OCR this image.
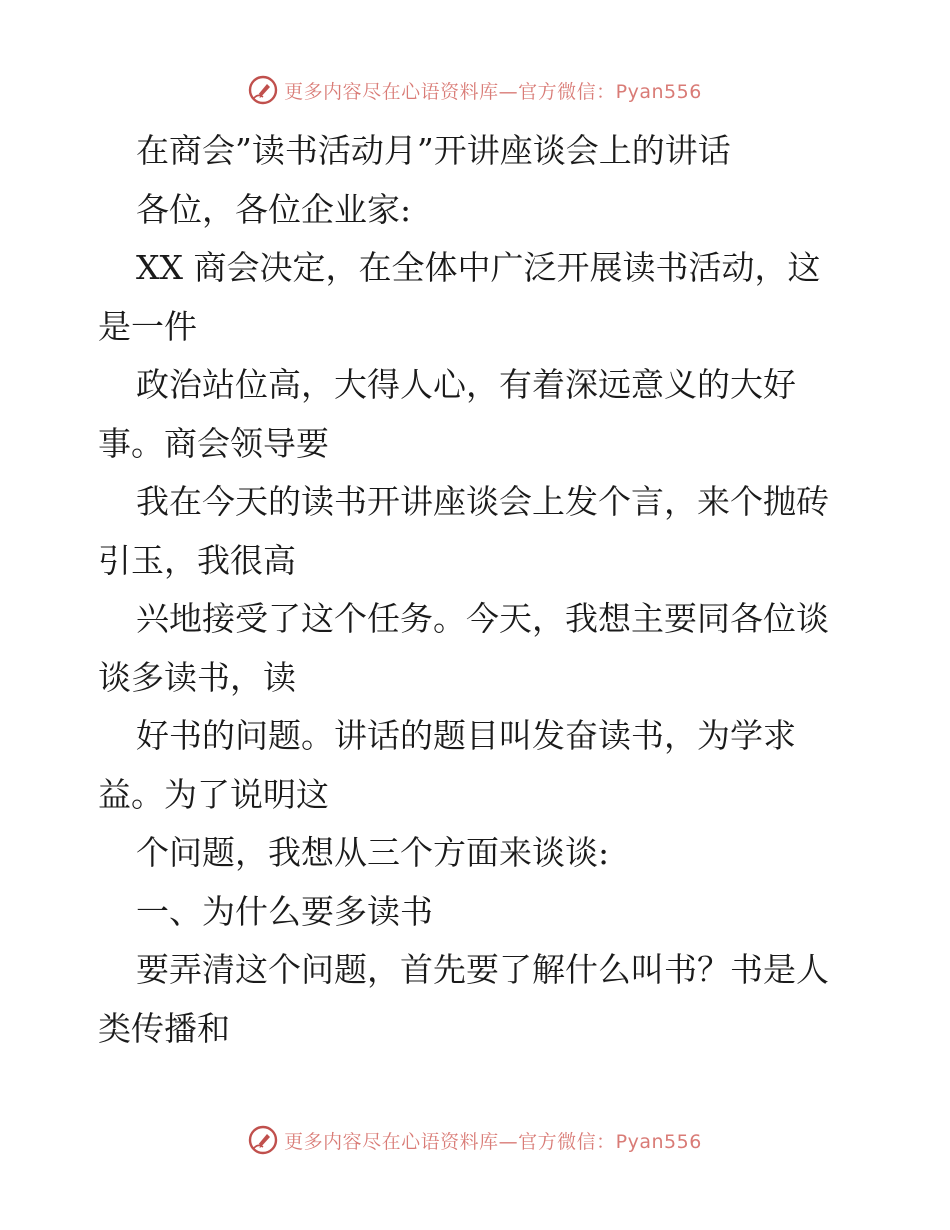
更多内容尽在心语资料库—官方微信：Pyan556
在商会”读书活动月”开讲座谈会上的讲话
各位，各位企业家:
XX 商会决定，在全体中广泛开展读书活动，这
是一件
政治站位高，大得人心，有着深远意义的大好
事。商会领导要
我在今天的读书开讲座谈会上发个言，来个抛砖
引玉，我很高
兴地接受了这个任务。今天，我想主要同各位谈
谈多读书，读
好书的问题。讲话的题目叫发奋读书，为学求
益。为了说明这
个问题，我想从三个方面来谈谈:
一、为什么要多读书
要弄清这个问题，首先要了解什么叫书？书是人
类传播和
更多内容尽在心语资料库—官方微信：Pyan556
